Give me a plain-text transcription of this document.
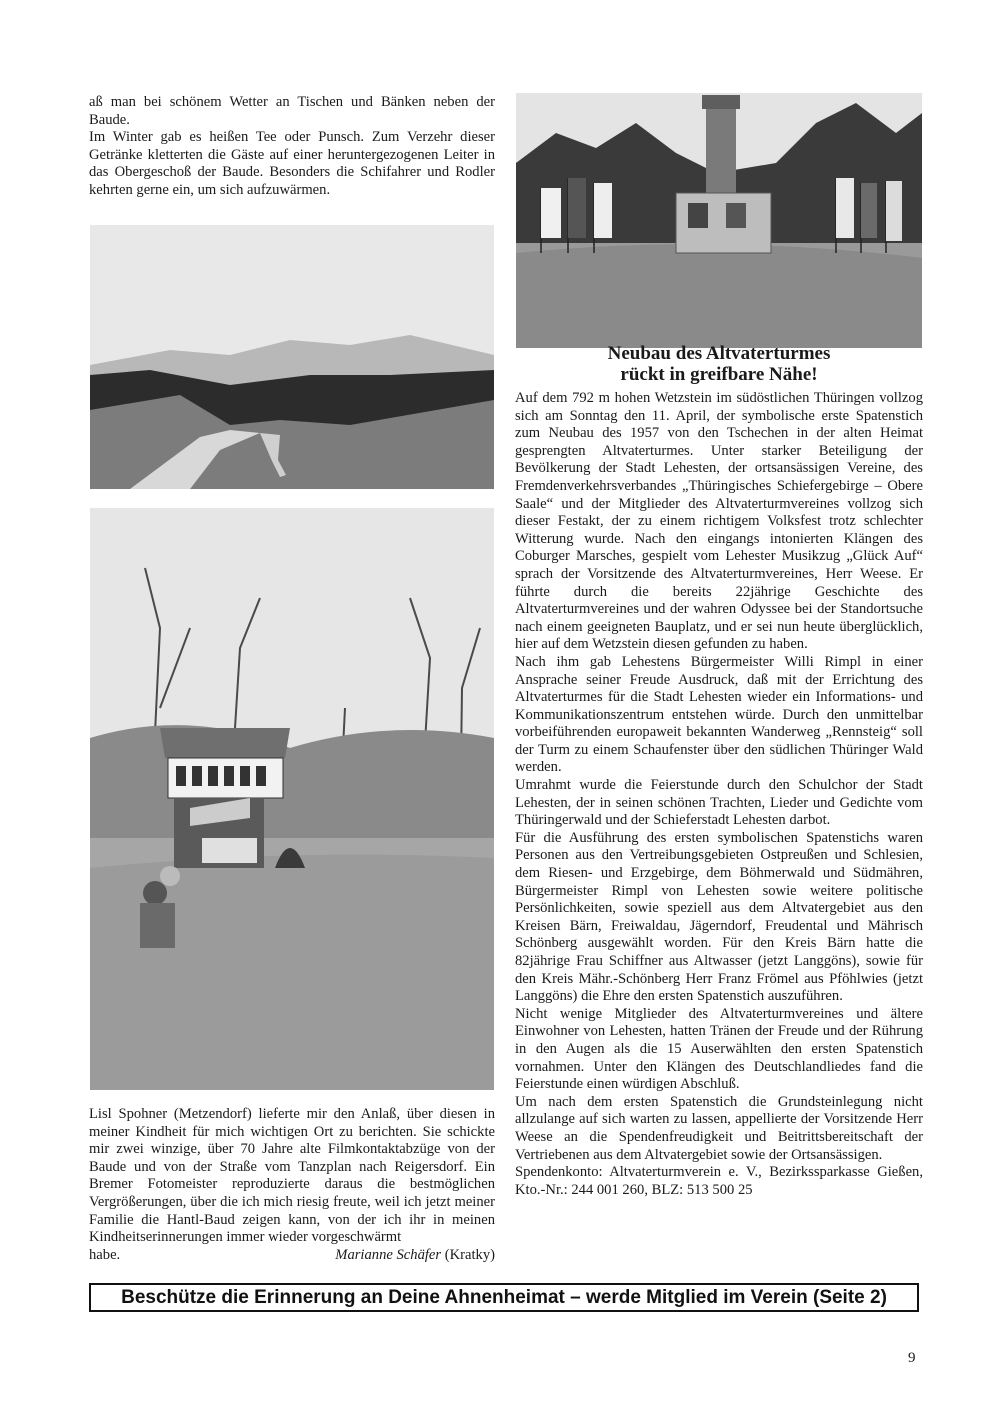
aß man bei schönem Wetter an Tischen und Bänken neben der Baude.

Im Winter gab es heißen Tee oder Punsch. Zum Verzehr dieser Getränke kletterten die Gäste auf einer heruntergezogenen Leiter in das Obergeschoß der Baude. Besonders die Schifahrer und Rodler kehrten gerne ein, um sich aufzuwärmen.

Neubau des Altvaterturmes
rückt in greifbare Nähe!

Auf dem 792 m hohen Wetzstein im südöstlichen Thüringen vollzog sich am Sonntag den 11. April, der symbolische erste Spatenstich zum Neubau des 1957 von den Tschechen in der alten Heimat gesprengten Altvaterturmes. Unter starker Beteiligung der Bevölkerung der Stadt Lehesten, der ortsansässigen Vereine, des Fremdenverkehrsverbandes „Thüringisches Schiefergebirge – Obere Saale“ und der Mitglieder des Altvaterturmvereines vollzog sich dieser Festakt, der zu einem richtigem Volksfest trotz schlechter Witterung wurde. Nach den eingangs intonierten Klängen des Coburger Marsches, gespielt vom Lehester Musikzug „Glück Auf“ sprach der Vorsitzende des Altvaterturmvereines, Herr Weese. Er führte durch die bereits 22jährige Geschichte des Altvaterturmvereines und der wahren Odyssee bei der Standortsuche nach einem geeigneten Bauplatz, und er sei nun heute überglücklich, hier auf dem Wetzstein diesen gefunden zu haben.

Nach ihm gab Lehestens Bürgermeister Willi Rimpl in einer Ansprache seiner Freude Ausdruck, daß mit der Errichtung des Altvaterturmes für die Stadt Lehesten wieder ein Informations- und Kommunikationszentrum entstehen würde. Durch den unmittelbar vorbeiführenden europaweit bekannten Wanderweg „Rennsteig“ soll der Turm zu einem Schaufenster über den südlichen Thüringer Wald werden.

Umrahmt wurde die Feierstunde durch den Schulchor der Stadt Lehesten, der in seinen schönen Trachten, Lieder und Gedichte vom Thüringerwald und der Schieferstadt Lehesten darbot.

Für die Ausführung des ersten symbolischen Spatenstichs waren Personen aus den Vertreibungsgebieten Ostpreußen und Schlesien, dem Riesen- und Erzgebirge, dem Böhmerwald und Südmähren, Bürgermeister Rimpl von Lehesten sowie weitere politische Persönlichkeiten, sowie speziell aus dem Altvatergebiet aus den Kreisen Bärn, Freiwaldau, Jägerndorf, Freudental und Mährisch Schönberg ausgewählt worden. Für den Kreis Bärn hatte die 82jährige Frau Schiffner aus Altwasser (jetzt Langgöns), sowie für den Kreis Mähr.-Schönberg Herr Franz Frömel aus Pföhlwies (jetzt Langgöns) die Ehre den ersten Spatenstich auszuführen.

Nicht wenige Mitglieder des Altvaterturmvereines und ältere Einwohner von Lehesten, hatten Tränen der Freude und der Rührung in den Augen als die 15 Auserwählten den ersten Spatenstich vornahmen. Unter den Klängen des Deutschlandliedes fand die Feierstunde einen würdigen Abschluß.

Um nach dem ersten Spatenstich die Grundsteinlegung nicht allzulange auf sich warten zu lassen, appellierte der Vorsitzende Herr Weese an die Spendenfreudigkeit und Beitrittsbereitschaft der Vertriebenen aus dem Altvatergebiet sowie der Ortsansässigen.

Spendenkonto: Altvaterturmverein e. V., Bezirkssparkasse Gießen, Kto.-Nr.: 244 001 260, BLZ: 513 500 25

Lisl Spohner (Metzendorf) lieferte mir den Anlaß, über diesen in meiner Kindheit für mich wichtigen Ort zu berichten. Sie schickte mir zwei winzige, über 70 Jahre alte Filmkontaktabzüge von der Baude und von der Straße vom Tanzplan nach Reigersdorf. Ein Bremer Fotomeister reproduzierte daraus die bestmöglichen Vergrößerungen, über die ich mich riesig freute, weil ich jetzt meiner Familie die Hantl-Baud zeigen kann, von der ich ihr in meinen Kindheitserinnerungen immer wieder vorgeschwärmt

habe.	Marianne Schäfer (Kratky)
Beschütze die Erinnerung an Deine Ahnenheimat – werde Mitglied im Verein (Seite 2)
9
